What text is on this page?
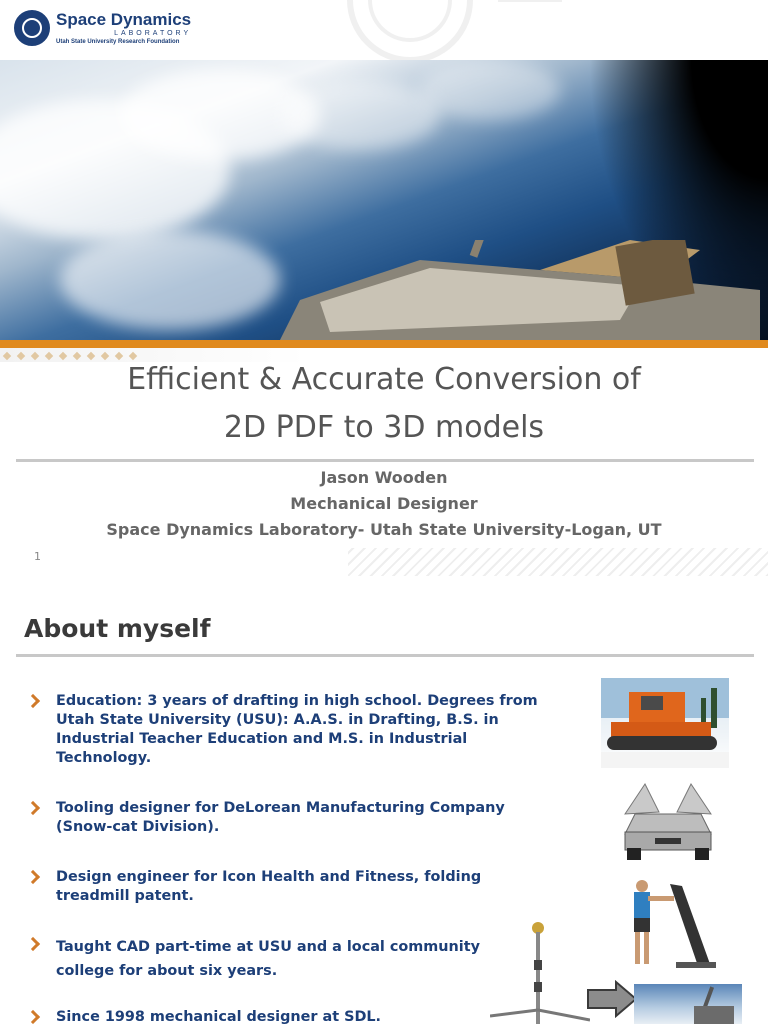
Space Dynamics
LABORATORY
Utah State University Research Foundation
Efficient & Accurate Conversion of
2D PDF to 3D models
Jason Wooden
Mechanical Designer
Space Dynamics Laboratory- Utah State University-Logan, UT
1
About myself
Education: 3 years of drafting in high school. Degrees from Utah State University (USU): A.A.S. in Drafting, B.S. in Industrial Teacher Education and M.S. in Industrial Technology.
Tooling designer for DeLorean Manufacturing Company (Snow-cat Division).
Design engineer for Icon Health and Fitness, folding treadmill patent.
Taught CAD part-time at USU and a local community college for about six years.
Since 1998 mechanical designer at SDL.
